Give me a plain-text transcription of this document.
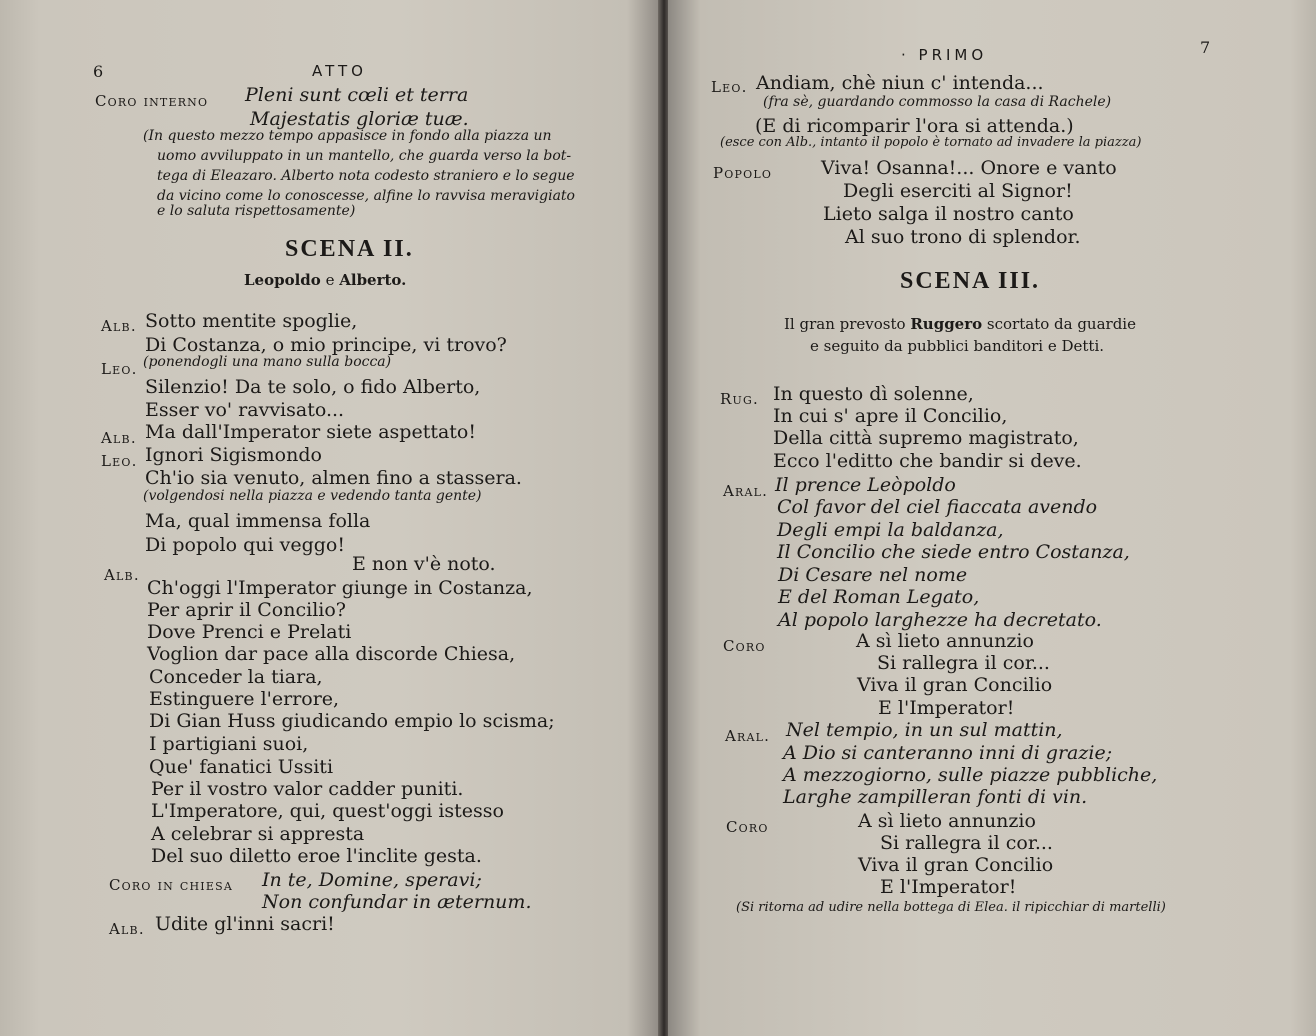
6	ATTO
Coro interno Pleni sunt cœli et terra
Majestatis gloriæ tuæ.
(In questo mezzo tempo appasisce in fondo alla piazza un
uomo avviluppato in un mantello, che guarda verso la bot-
tega di Eleazaro. Alberto nota codesto straniero e lo segue
da vicino come lo conoscesse, alfine lo ravvisa meravigiato
e lo saluta rispettosamente)
SCENA II.
Leopoldo e Alberto.
Alb. Sotto mentite spoglie,
Di Costanza, o mio principe, vi trovo?
Leo. (ponendogli una mano sulla bocca)
Silenzio! Da te solo, o fido Alberto,
Esser vo' ravvisato...
Alb. Ma dall'Imperator siete aspettato!
Leo. Ignori Sigismondo
Ch'io sia venuto, almen fino a stassera.
(volgendosi nella piazza e vedendo tanta gente)
Ma, qual immensa folla
Di popolo qui veggo!
Alb.	E non v'è noto.
Ch'oggi l'Imperator giunge in Costanza,
Per aprir il Concilio?
Dove Prenci e Prelati
Voglion dar pace alla discorde Chiesa,
Conceder la tiara,
Estinguere l'errore,
Di Gian Huss giudicando empio lo scisma;
I partigiani suoi,
Que' fanatici Ussiti
Per il vostro valor cadder puniti.
L'Imperatore, qui, quest'oggi istesso
A celebrar si appresta
Del suo diletto eroe l'inclite gesta.
Coro in chiesa In te, Domine, speravi;
Non confundar in æternum.
Alb. Udite gl'inni sacri!
· PRIMO	7
Leo. Andiam, chè niun c' intenda...
(fra sè, guardando commosso la casa di Rachele)
(E di ricomparir l'ora si attenda.)
(esce con Alb., intanto il popolo è tornato ad invadere la piazza)
Popolo	Viva! Osanna!... Onore e vanto
Degli eserciti al Signor!
Lieto salga il nostro canto
Al suo trono di splendor.
SCENA III.
Il gran prevosto Ruggero scortato da guardie
e seguito da pubblici banditori e Detti.
Rug. In questo dì solenne,
In cui s' apre il Concilio,
Della città supremo magistrato,
Ecco l'editto che bandir si deve.
Aral. Il prence Leòpoldo
Col favor del ciel fiaccata avendo
Degli empi la baldanza,
Il Concilio che siede entro Costanza,
Di Cesare nel nome
E del Roman Legato,
Al popolo larghezze ha decretato.
Coro	A sì lieto annunzio
Si rallegra il cor...
Viva il gran Concilio
E l'Imperator!
Aral. Nel tempio, in un sul mattin,
A Dio si canteranno inni di grazie;
A mezzogiorno, sulle piazze pubbliche,
Larghe zampilleran fonti di vin.
Coro	A sì lieto annunzio
Si rallegra il cor...
Viva il gran Concilio
E l'Imperator!
(Si ritorna ad udire nella bottega di Elea. il ripicchiar di martelli)
